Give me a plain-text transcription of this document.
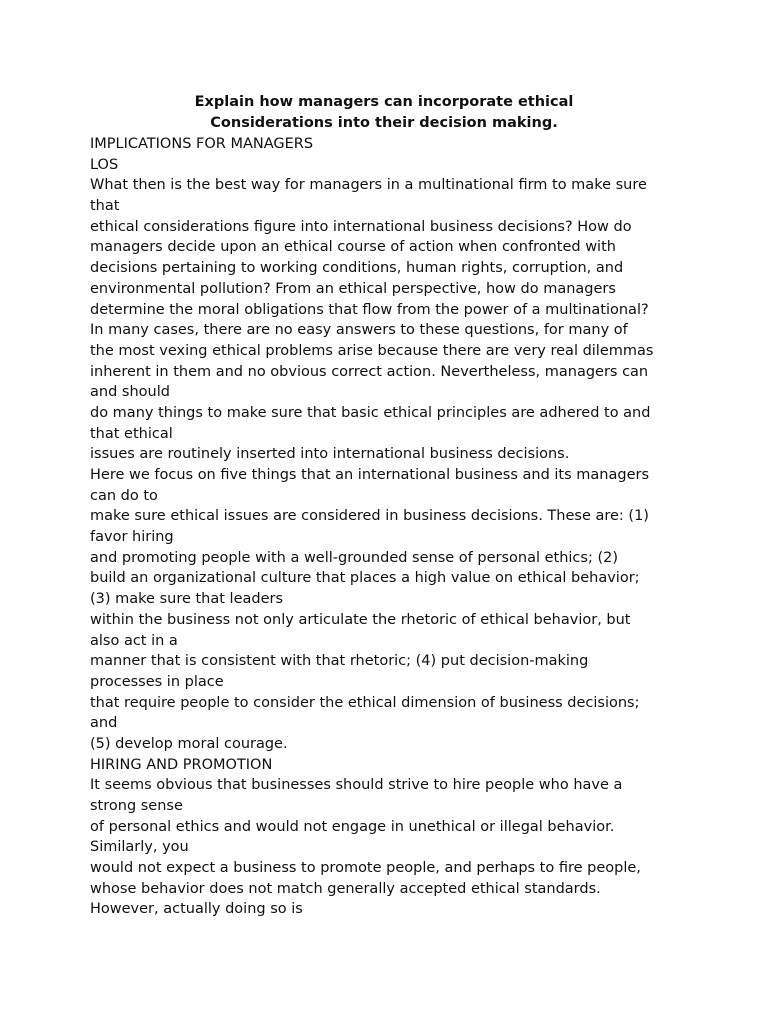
Explain how managers can incorporate ethical
Considerations into their decision making.
IMPLICATIONS FOR MANAGERS
LOS
What then is the best way for managers in a multinational firm to make sure
that
ethical considerations figure into international business decisions? How do
managers decide upon an ethical course of action when confronted with
decisions pertaining to working conditions, human rights, corruption, and
environmental pollution? From an ethical perspective, how do managers
determine the moral obligations that flow from the power of a multinational?
In many cases, there are no easy answers to these questions, for many of
the most vexing ethical problems arise because there are very real dilemmas
inherent in them and no obvious correct action. Nevertheless, managers can
and should
do many things to make sure that basic ethical principles are adhered to and
that ethical
issues are routinely inserted into international business decisions.
Here we focus on five things that an international business and its managers
can do to
make sure ethical issues are considered in business decisions. These are: (1)
favor hiring
and promoting people with a well-grounded sense of personal ethics; (2)
build an organizational culture that places a high value on ethical behavior;
(3) make sure that leaders
within the business not only articulate the rhetoric of ethical behavior, but
also act in a
manner that is consistent with that rhetoric; (4) put decision-making
processes in place
that require people to consider the ethical dimension of business decisions;
and
(5) develop moral courage.
HIRING AND PROMOTION
It seems obvious that businesses should strive to hire people who have a
strong sense
of personal ethics and would not engage in unethical or illegal behavior.
Similarly, you
would not expect a business to promote people, and perhaps to fire people,
whose behavior does not match generally accepted ethical standards.
However, actually doing so is
